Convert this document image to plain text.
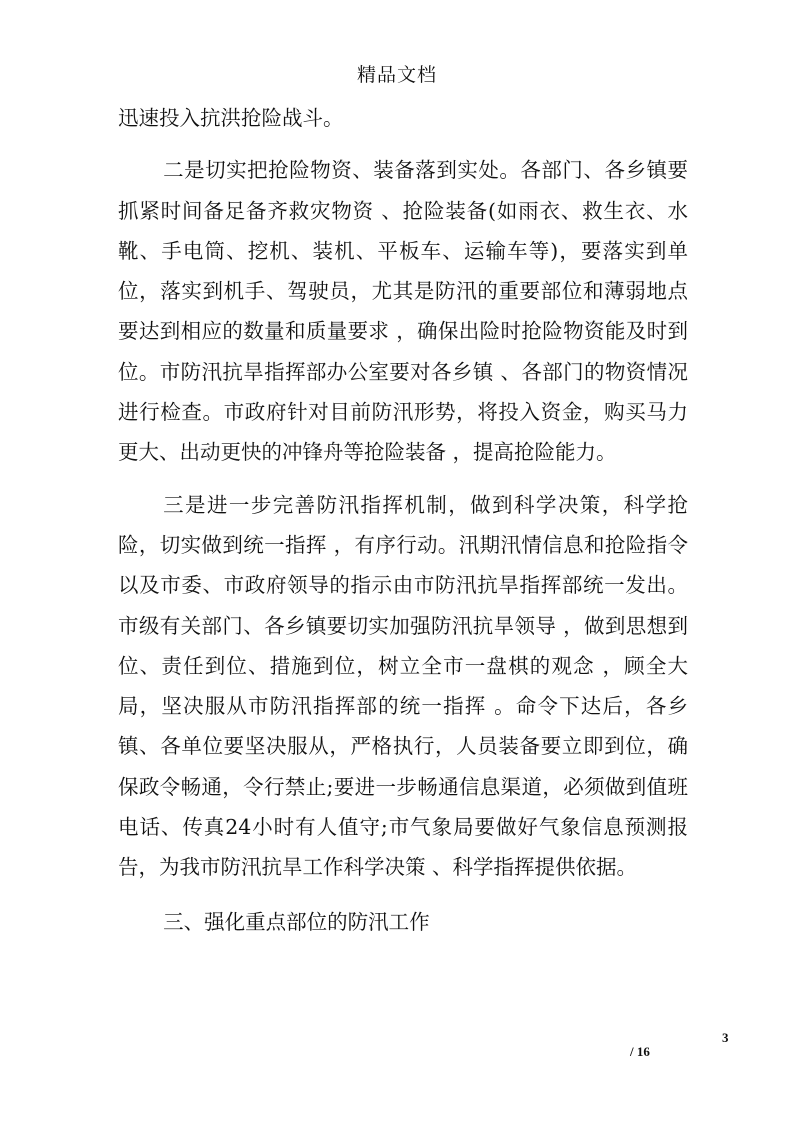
精品文档

迅速投入抗洪抢险战斗。

二是切实把抢险物资、装备落到实处。各部门、各乡镇要抓紧时间备足备齐救灾物资 、抢险装备(如雨衣、救生衣、水靴、手电筒、挖机、装机、平板车、运输车等)，要落实到单位，落实到机手、驾驶员，尤其是防汛的重要部位和薄弱地点要达到相应的数量和质量要求 ，确保出险时抢险物资能及时到位。市防汛抗旱指挥部办公室要对各乡镇 、各部门的物资情况进行检查。市政府针对目前防汛形势，将投入资金，购买马力更大、出动更快的冲锋舟等抢险装备 ，提高抢险能力。

三是进一步完善防汛指挥机制，做到科学决策，科学抢险，切实做到统一指挥 ，有序行动。汛期汛情信息和抢险指令以及市委、市政府领导的指示由市防汛抗旱指挥部统一发出。市级有关部门、各乡镇要切实加强防汛抗旱领导 ，做到思想到位、责任到位、措施到位，树立全市一盘棋的观念 ，顾全大局，坚决服从市防汛指挥部的统一指挥 。命令下达后，各乡镇、各单位要坚决服从，严格执行，人员装备要立即到位，确保政令畅通，令行禁止;要进一步畅通信息渠道，必须做到值班电话、传真24小时有人值守;市气象局要做好气象信息预测报告，为我市防汛抗旱工作科学决策 、科学指挥提供依据。

三、强化重点部位的防汛工作

3
/ 16
